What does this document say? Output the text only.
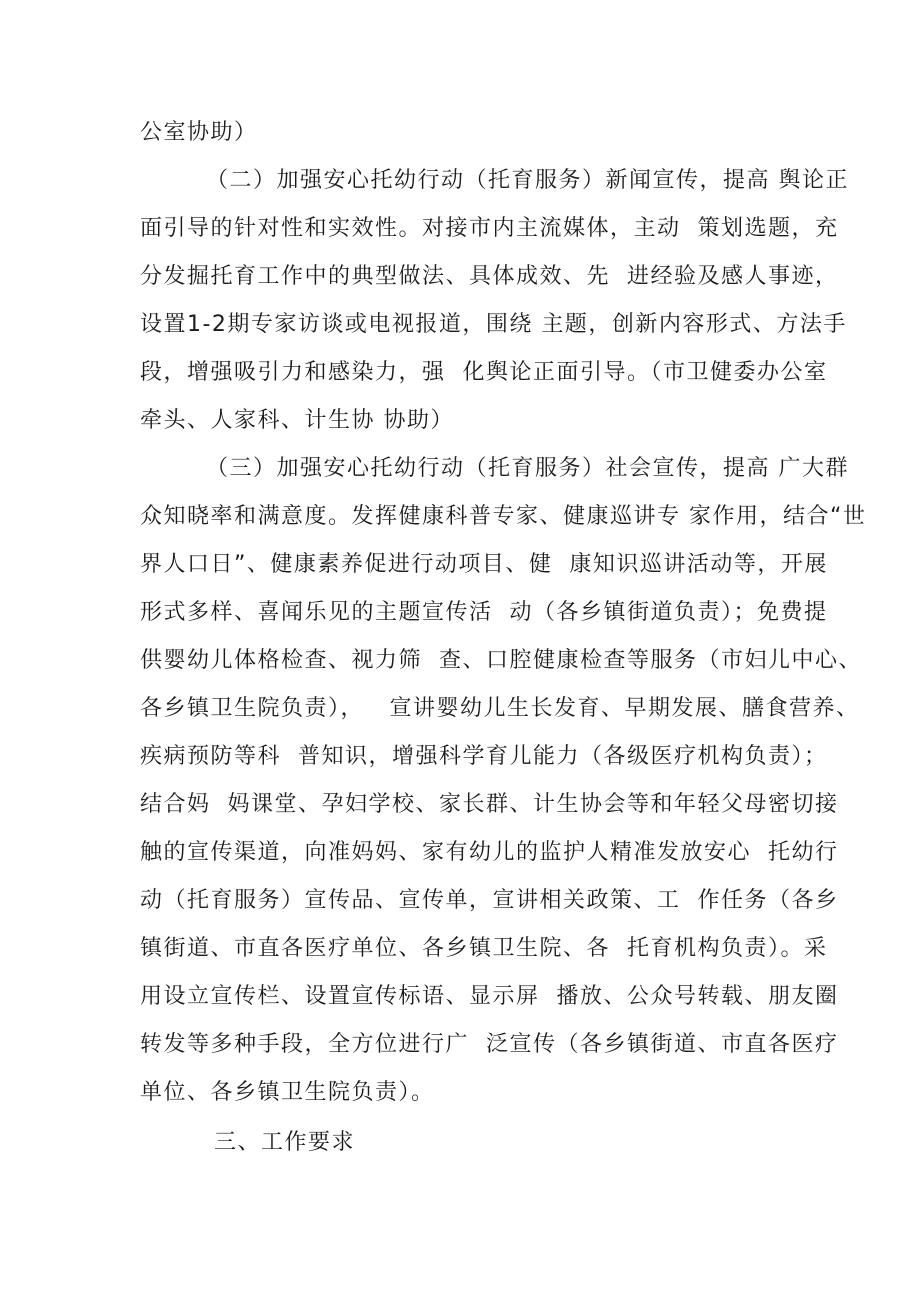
公室协助）
（二）加强安心托幼行动（托育服务）新闻宣传，提高 舆论正
面引导的针对性和实效性。对接市内主流媒体，主动  策划选题，充
分发掘托育工作中的典型做法、具体成效、先  进经验及感人事迹，
设置1-2期专家访谈或电视报道，围绕 主题，创新内容形式、方法手
段，增强吸引力和感染力，强  化舆论正面引导。（市卫健委办公室
牵头、人家科、计生协 协助）
（三）加强安心托幼行动（托育服务）社会宣传，提高 广大群
众知晓率和满意度。发挥健康科普专家、健康巡讲专 家作用，结合“世
界人口日”、健康素养促进行动项目、健  康知识巡讲活动等，开展
形式多样、喜闻乐见的主题宣传活  动（各乡镇街道负责）；免费提
供婴幼儿体格检查、视力筛  查、口腔健康检查等服务（市妇儿中心、
各乡镇卫生院负责），   宣讲婴幼儿生长发育、早期发展、膳食营养、
疾病预防等科  普知识，增强科学育儿能力（各级医疗机构负责）；
结合妈  妈课堂、孕妇学校、家长群、计生协会等和年轻父母密切接
触的宣传渠道，向准妈妈、家有幼儿的监护人精准发放安心  托幼行
动（托育服务）宣传品、宣传单，宣讲相关政策、工  作任务（各乡
镇街道、市直各医疗单位、各乡镇卫生院、各  托育机构负责）。采
用设立宣传栏、设置宣传标语、显示屏  播放、公众号转载、朋友圈
转发等多种手段，全方位进行广  泛宣传（各乡镇街道、市直各医疗
单位、各乡镇卫生院负责）。
三、工作要求
